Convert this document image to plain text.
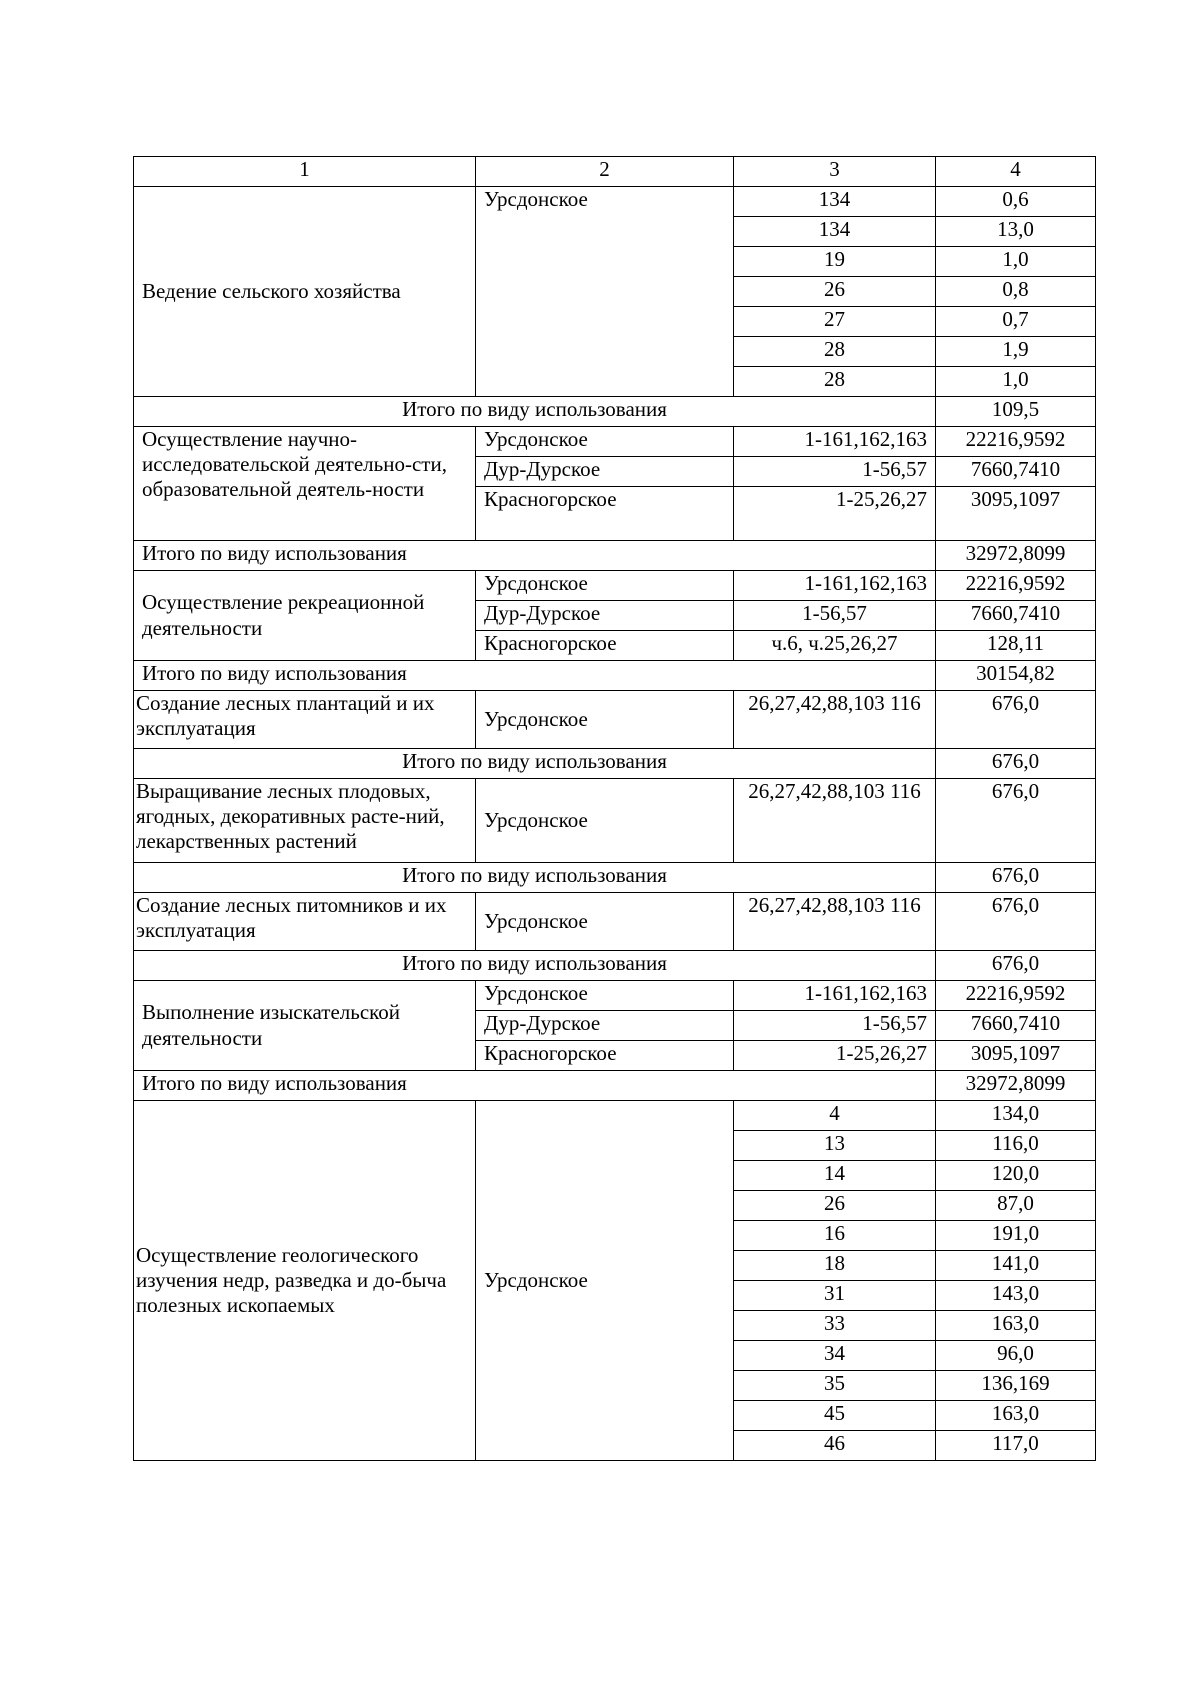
1	2	3	4
Ведение сельского хозяйства	Урсдонское	134	0,6
		134	13,0
		19	1,0
		26	0,8
		27	0,7
		28	1,9
		28	1,0
Итого по виду использования			109,5
Осуществление научно-исследовательской деятельно-сти, образовательной деятель-ности	Урсдонское	1-161,162,163	22216,9592
	Дур-Дурское	1-56,57	7660,7410
	Красногорское	1-25,26,27	3095,1097
Итого по виду использования			32972,8099
Осуществление рекреационной деятельности	Урсдонское	1-161,162,163	22216,9592
	Дур-Дурское	1-56,57	7660,7410
	Красногорское	ч.6, ч.25,26,27	128,11
Итого по виду использования			30154,82
Создание лесных плантаций и их эксплуатация	Урсдонское	26,27,42,88,103 116	676,0
Итого по виду использования			676,0
Выращивание лесных плодовых, ягодных, декоративных расте-ний, лекарственных растений	Урсдонское	26,27,42,88,103 116	676,0
Итого по виду использования			676,0
Создание лесных питомников и их эксплуатация	Урсдонское	26,27,42,88,103 116	676,0
Итого по виду использования			676,0
Выполнение изыскательской деятельности	Урсдонское	1-161,162,163	22216,9592
	Дур-Дурское	1-56,57	7660,7410
	Красногорское	1-25,26,27	3095,1097
Итого по виду использования			32972,8099
Осуществление геологического изучения недр, разведка и до-быча полезных ископаемых	Урсдонское	4	134,0
		13	116,0
		14	120,0
		26	87,0
		16	191,0
		18	141,0
		31	143,0
		33	163,0
		34	96,0
		35	136,169
		45	163,0
		46	117,0
